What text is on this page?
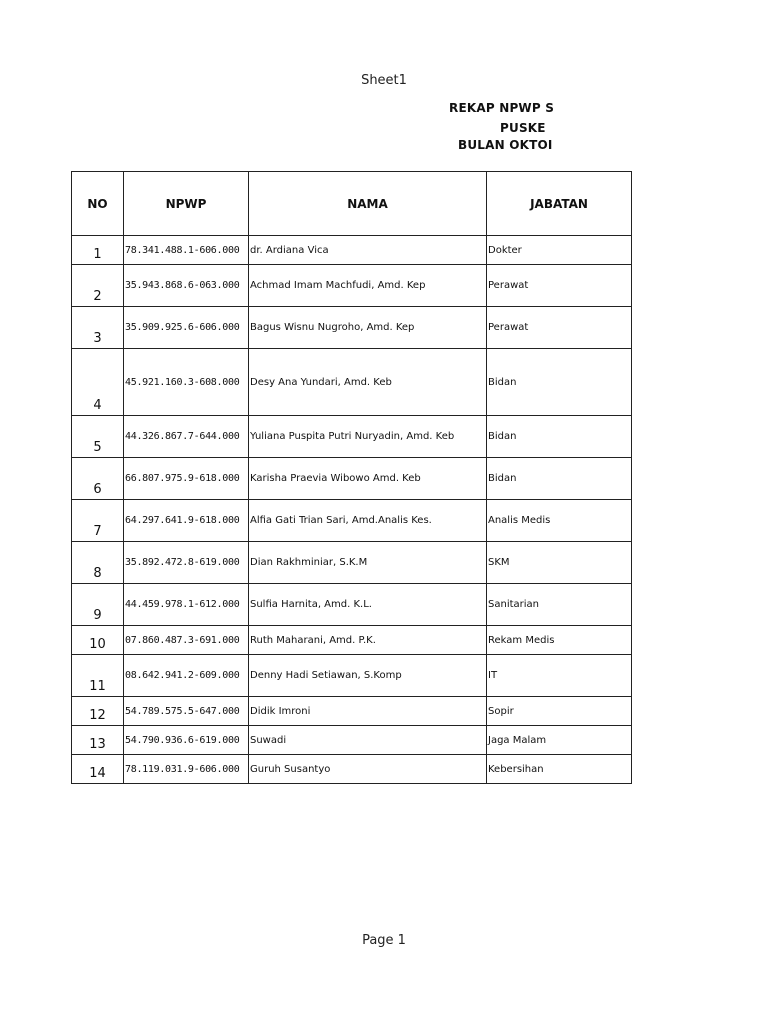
Sheet1
REKAP NPWP S
PUSKE
BULAN OKTOI
NO	NPWP	NAMA	JABATAN
1	78.341.488.1-606.000	dr. Ardiana Vica	Dokter
2	35.943.868.6-063.000	Achmad Imam Machfudi, Amd. Kep	Perawat
3	35.909.925.6-606.000	Bagus Wisnu Nugroho, Amd. Kep	Perawat
4	45.921.160.3-608.000	Desy Ana Yundari, Amd. Keb	Bidan
5	44.326.867.7-644.000	Yuliana Puspita Putri Nuryadin, Amd. Keb	Bidan
6	66.807.975.9-618.000	Karisha Praevia Wibowo Amd. Keb	Bidan
7	64.297.641.9-618.000	Alfia Gati Trian Sari, Amd.Analis Kes.	Analis Medis
8	35.892.472.8-619.000	Dian Rakhminiar, S.K.M	SKM
9	44.459.978.1-612.000	Sulfia Harnita, Amd. K.L.	Sanitarian
10	07.860.487.3-691.000	Ruth Maharani, Amd. P.K.	Rekam Medis
11	08.642.941.2-609.000	Denny Hadi Setiawan, S.Komp	IT
12	54.789.575.5-647.000	Didik Imroni	Sopir
13	54.790.936.6-619.000	Suwadi	Jaga Malam
14	78.119.031.9-606.000	Guruh Susantyo	Kebersihan
Page 1
